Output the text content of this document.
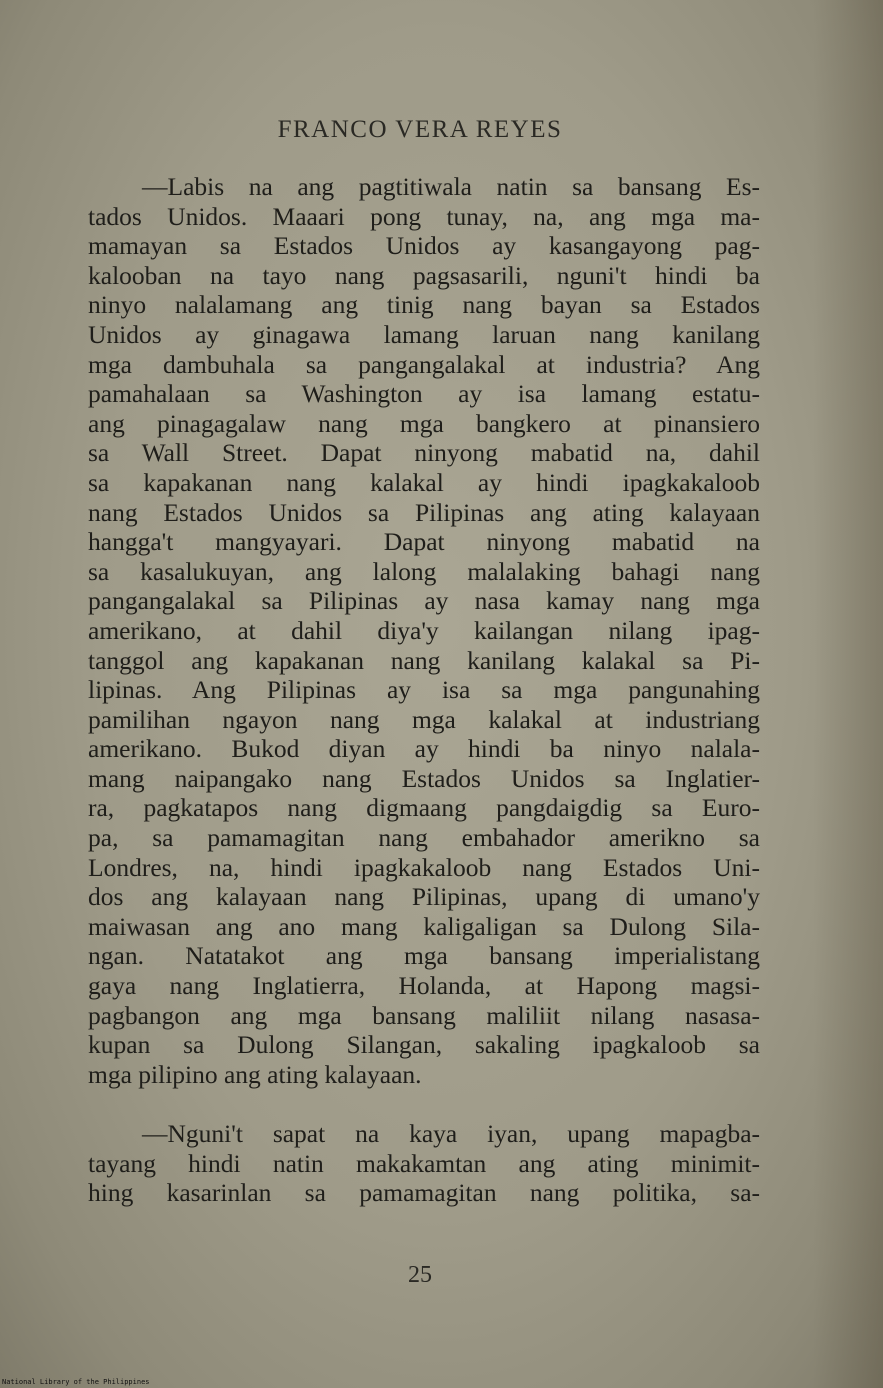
FRANCO VERA REYES

—Labis na ang pagtitiwala natin sa bansang Es-
tados Unidos. Maaari pong tunay, na, ang mga ma-
mamayan sa Estados Unidos ay kasangayong pag-
kalooban na tayo nang pagsasarili, nguni't hindi ba
ninyo nalalamang ang tinig nang bayan sa Estados
Unidos ay ginagawa lamang laruan nang kanilang
mga dambuhala sa pangangalakal at industria? Ang
pamahalaan sa Washington ay isa lamang estatu-
ang pinagagalaw nang mga bangkero at pinansiero
sa Wall Street. Dapat ninyong mabatid na, dahil
sa kapakanan nang kalakal ay hindi ipagkakaloob
nang Estados Unidos sa Pilipinas ang ating kalayaan
hangga't mangyayari. Dapat ninyong mabatid na
sa kasalukuyan, ang lalong malalaking bahagi nang
pangangalakal sa Pilipinas ay nasa kamay nang mga
amerikano, at dahil diya'y kailangan nilang ipag-
tanggol ang kapakanan nang kanilang kalakal sa Pi-
lipinas. Ang Pilipinas ay isa sa mga pangunahing
pamilihan ngayon nang mga kalakal at industriang
amerikano. Bukod diyan ay hindi ba ninyo nalala-
mang naipangako nang Estados Unidos sa Inglatier-
ra, pagkatapos nang digmaang pangdaigdig sa Euro-
pa, sa pamamagitan nang embahador amerikno sa
Londres, na, hindi ipagkakaloob nang Estados Uni-
dos ang kalayaan nang Pilipinas, upang di umano'y
maiwasan ang ano mang kaligaligan sa Dulong Sila-
ngan. Natatakot ang mga bansang imperialistang
gaya nang Inglatierra, Holanda, at Hapong magsi-
pagbangon ang mga bansang maliliit nilang nasasa-
kupan sa Dulong Silangan, sakaling ipagkaloob sa
mga pilipino ang ating kalayaan.

—Nguni't sapat na kaya iyan, upang mapagba-
tayang hindi natin makakamtan ang ating minimit-
hing kasarinlan sa pamamagitan nang politika, sa-

25

National Library of the Philippines
